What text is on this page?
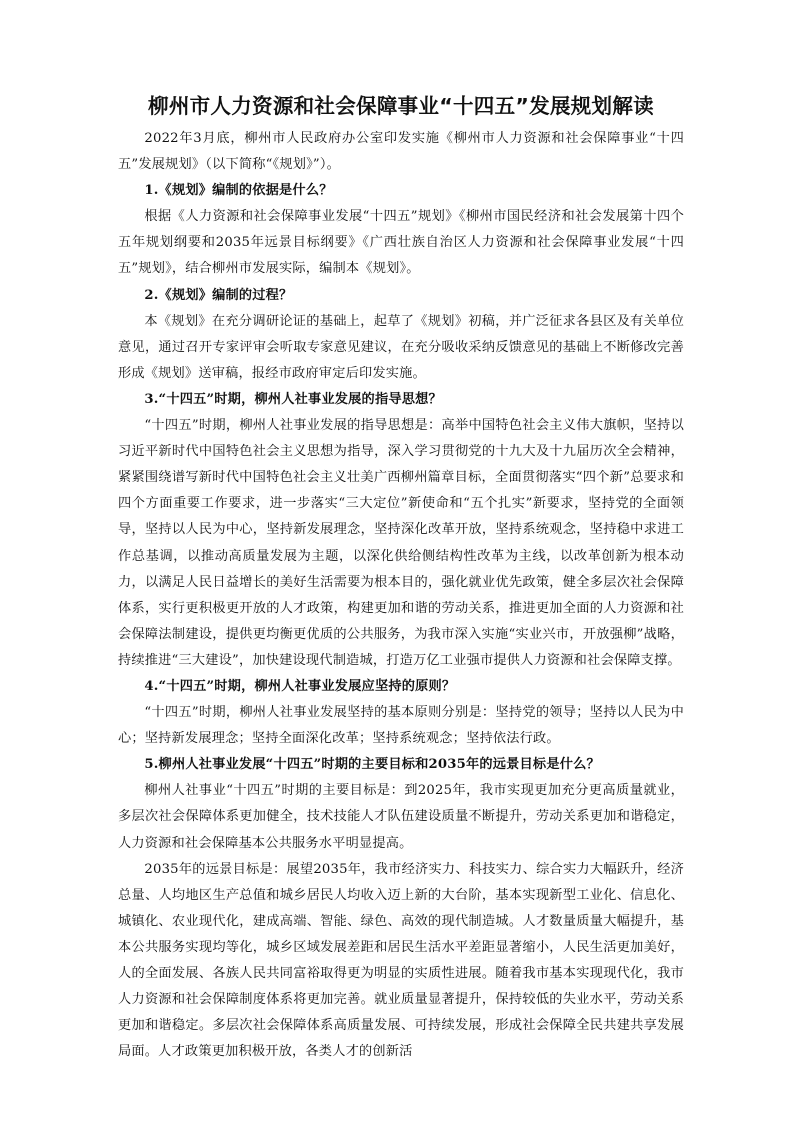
柳州市人力资源和社会保障事业“十四五”发展规划解读

2022年3月底，柳州市人民政府办公室印发实施《柳州市人力资源和社会保障事业“十四五”发展规划》（以下简称“《规划》”）。

1.《规划》编制的依据是什么？

根据《人力资源和社会保障事业发展“十四五”规划》《柳州市国民经济和社会发展第十四个五年规划纲要和2035年远景目标纲要》《广西壮族自治区人力资源和社会保障事业发展“十四五”规划》，结合柳州市发展实际，编制本《规划》。

2.《规划》编制的过程？

本《规划》在充分调研论证的基础上，起草了《规划》初稿，并广泛征求各县区及有关单位意见，通过召开专家评审会听取专家意见建议，在充分吸收采纳反馈意见的基础上不断修改完善形成《规划》送审稿，报经市政府审定后印发实施。

3.“十四五”时期，柳州人社事业发展的指导思想？

“十四五”时期，柳州人社事业发展的指导思想是：高举中国特色社会主义伟大旗帜，坚持以习近平新时代中国特色社会主义思想为指导，深入学习贯彻党的十九大及十九届历次全会精神，紧紧围绕谱写新时代中国特色社会主义壮美广西柳州篇章目标，全面贯彻落实“四个新”总要求和四个方面重要工作要求，进一步落实“三大定位”新使命和“五个扎实”新要求，坚持党的全面领导，坚持以人民为中心，坚持新发展理念，坚持深化改革开放，坚持系统观念，坚持稳中求进工作总基调，以推动高质量发展为主题，以深化供给侧结构性改革为主线，以改革创新为根本动力，以满足人民日益增长的美好生活需要为根本目的，强化就业优先政策，健全多层次社会保障体系，实行更积极更开放的人才政策，构建更加和谐的劳动关系，推进更加全面的人力资源和社会保障法制建设，提供更均衡更优质的公共服务，为我市深入实施“实业兴市，开放强柳”战略，持续推进“三大建设”，加快建设现代制造城，打造万亿工业强市提供人力资源和社会保障支撑。

4.“十四五”时期，柳州人社事业发展应坚持的原则？

“十四五”时期，柳州人社事业发展坚持的基本原则分别是：坚持党的领导；坚持以人民为中心；坚持新发展理念；坚持全面深化改革；坚持系统观念；坚持依法行政。

5.柳州人社事业发展“十四五”时期的主要目标和2035年的远景目标是什么？

柳州人社事业“十四五”时期的主要目标是：到2025年，我市实现更加充分更高质量就业，多层次社会保障体系更加健全，技术技能人才队伍建设质量不断提升，劳动关系更加和谐稳定，人力资源和社会保障基本公共服务水平明显提高。

2035年的远景目标是：展望2035年，我市经济实力、科技实力、综合实力大幅跃升，经济总量、人均地区生产总值和城乡居民人均收入迈上新的大台阶，基本实现新型工业化、信息化、城镇化、农业现代化，建成高端、智能、绿色、高效的现代制造城。人才数量质量大幅提升，基本公共服务实现均等化，城乡区域发展差距和居民生活水平差距显著缩小，人民生活更加美好，人的全面发展、各族人民共同富裕取得更为明显的实质性进展。随着我市基本实现现代化，我市人力资源和社会保障制度体系将更加完善。就业质量显著提升，保持较低的失业水平，劳动关系更加和谐稳定。多层次社会保障体系高质量发展、可持续发展，形成社会保障全民共建共享发展局面。人才政策更加积极开放，各类人才的创新活
